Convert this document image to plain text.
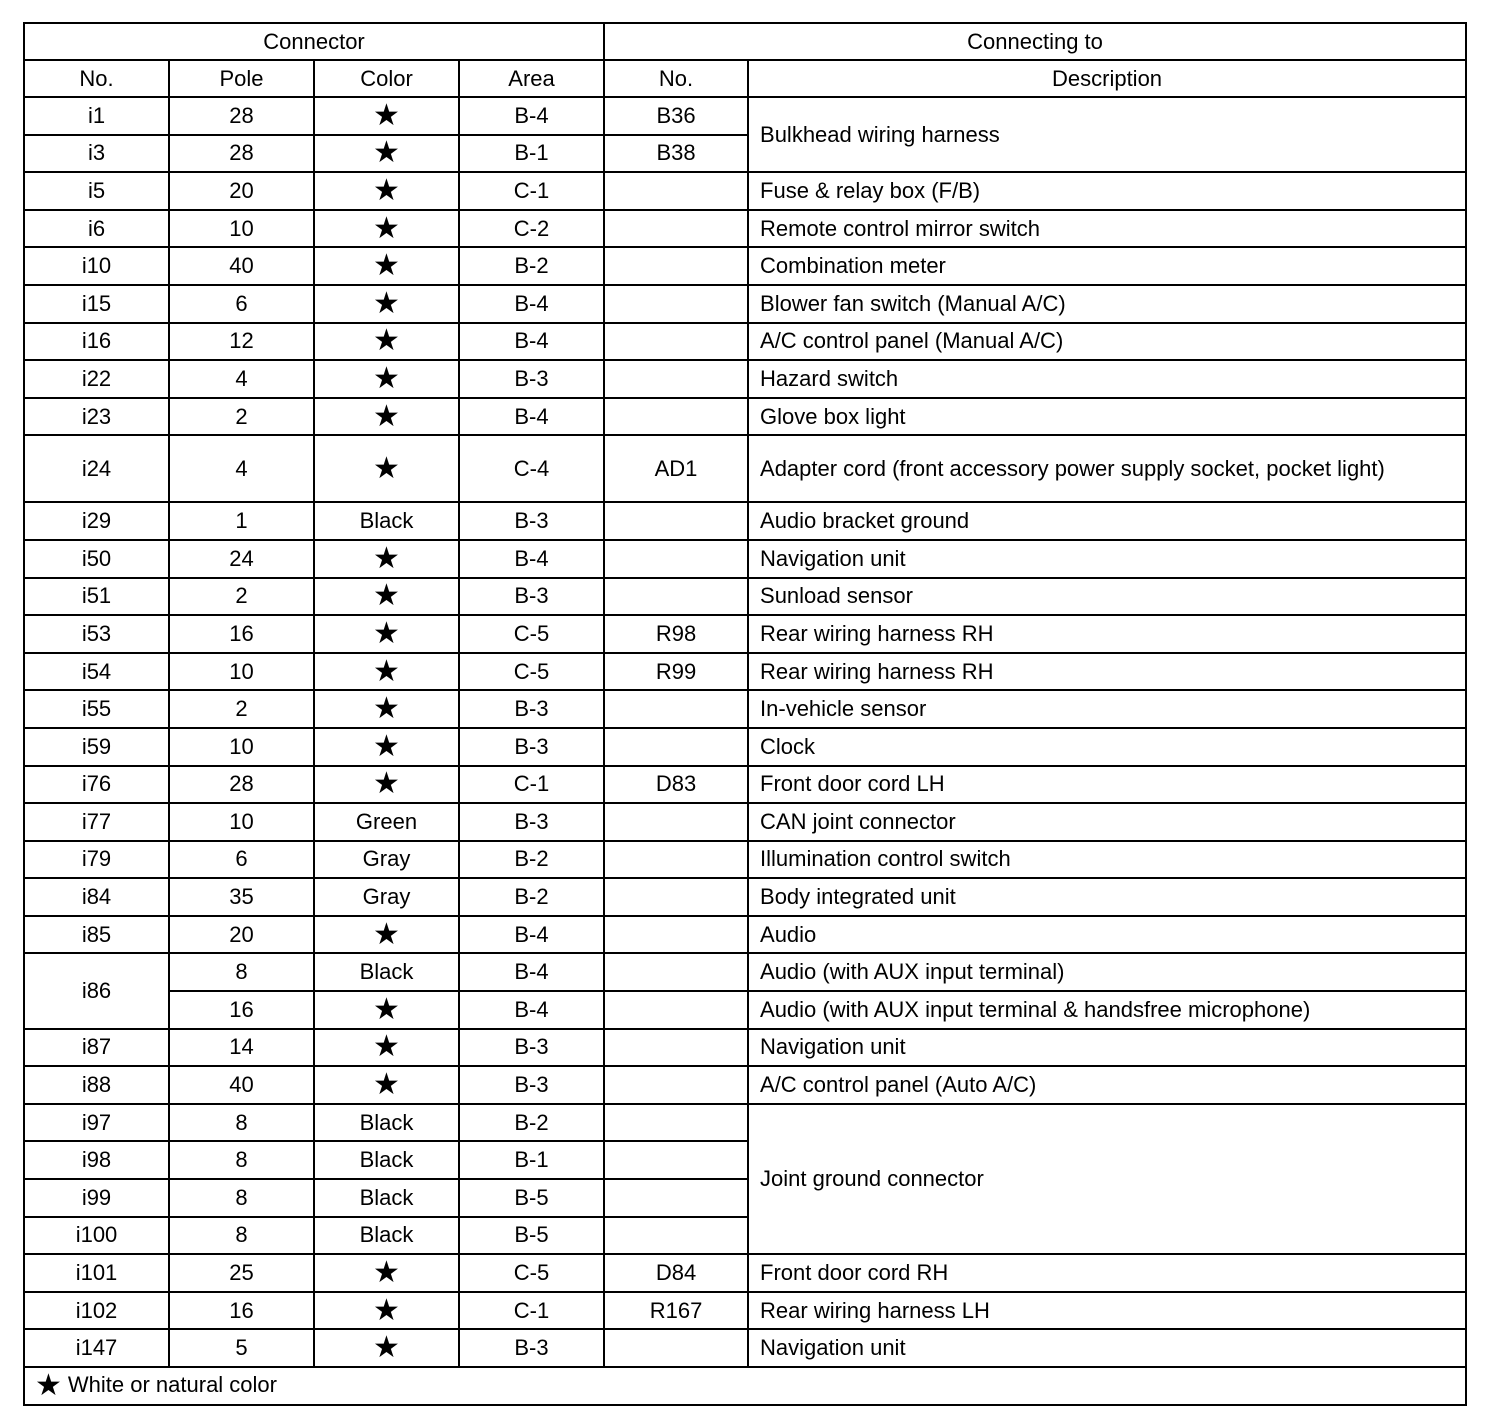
Connector				Connecting to	
No.	Pole	Color	Area	No.	Description
i1	28	★	B-4	B36	Bulkhead wiring harness
i3	28	★	B-1	B38	
i5	20	★	C-1		Fuse & relay box (F/B)
i6	10	★	C-2		Remote control mirror switch
i10	40	★	B-2		Combination meter
i15	6	★	B-4		Blower fan switch (Manual A/C)
i16	12	★	B-4		A/C control panel (Manual A/C)
i22	4	★	B-3		Hazard switch
i23	2	★	B-4		Glove box light
i24	4	★	C-4	AD1	Adapter cord (front accessory power supply socket, pocket light)
i29	1	Black	B-3		Audio bracket ground
i50	24	★	B-4		Navigation unit
i51	2	★	B-3		Sunload sensor
i53	16	★	C-5	R98	Rear wiring harness RH
i54	10	★	C-5	R99	Rear wiring harness RH
i55	2	★	B-3		In-vehicle sensor
i59	10	★	B-3		Clock
i76	28	★	C-1	D83	Front door cord LH
i77	10	Green	B-3		CAN joint connector
i79	6	Gray	B-2		Illumination control switch
i84	35	Gray	B-2		Body integrated unit
i85	20	★	B-4		Audio
i86	8	Black	B-4		Audio (with AUX input terminal)
	16	★	B-4		Audio (with AUX input terminal & handsfree microphone)
i87	14	★	B-3		Navigation unit
i88	40	★	B-3		A/C control panel (Auto A/C)
i97	8	Black	B-2		Joint ground connector
i98	8	Black	B-1		
i99	8	Black	B-5		
i100	8	Black	B-5		
i101	25	★	C-5	D84	Front door cord RH
i102	16	★	C-1	R167	Rear wiring harness LH
i147	5	★	B-3		Navigation unit
★ White or natural color					
